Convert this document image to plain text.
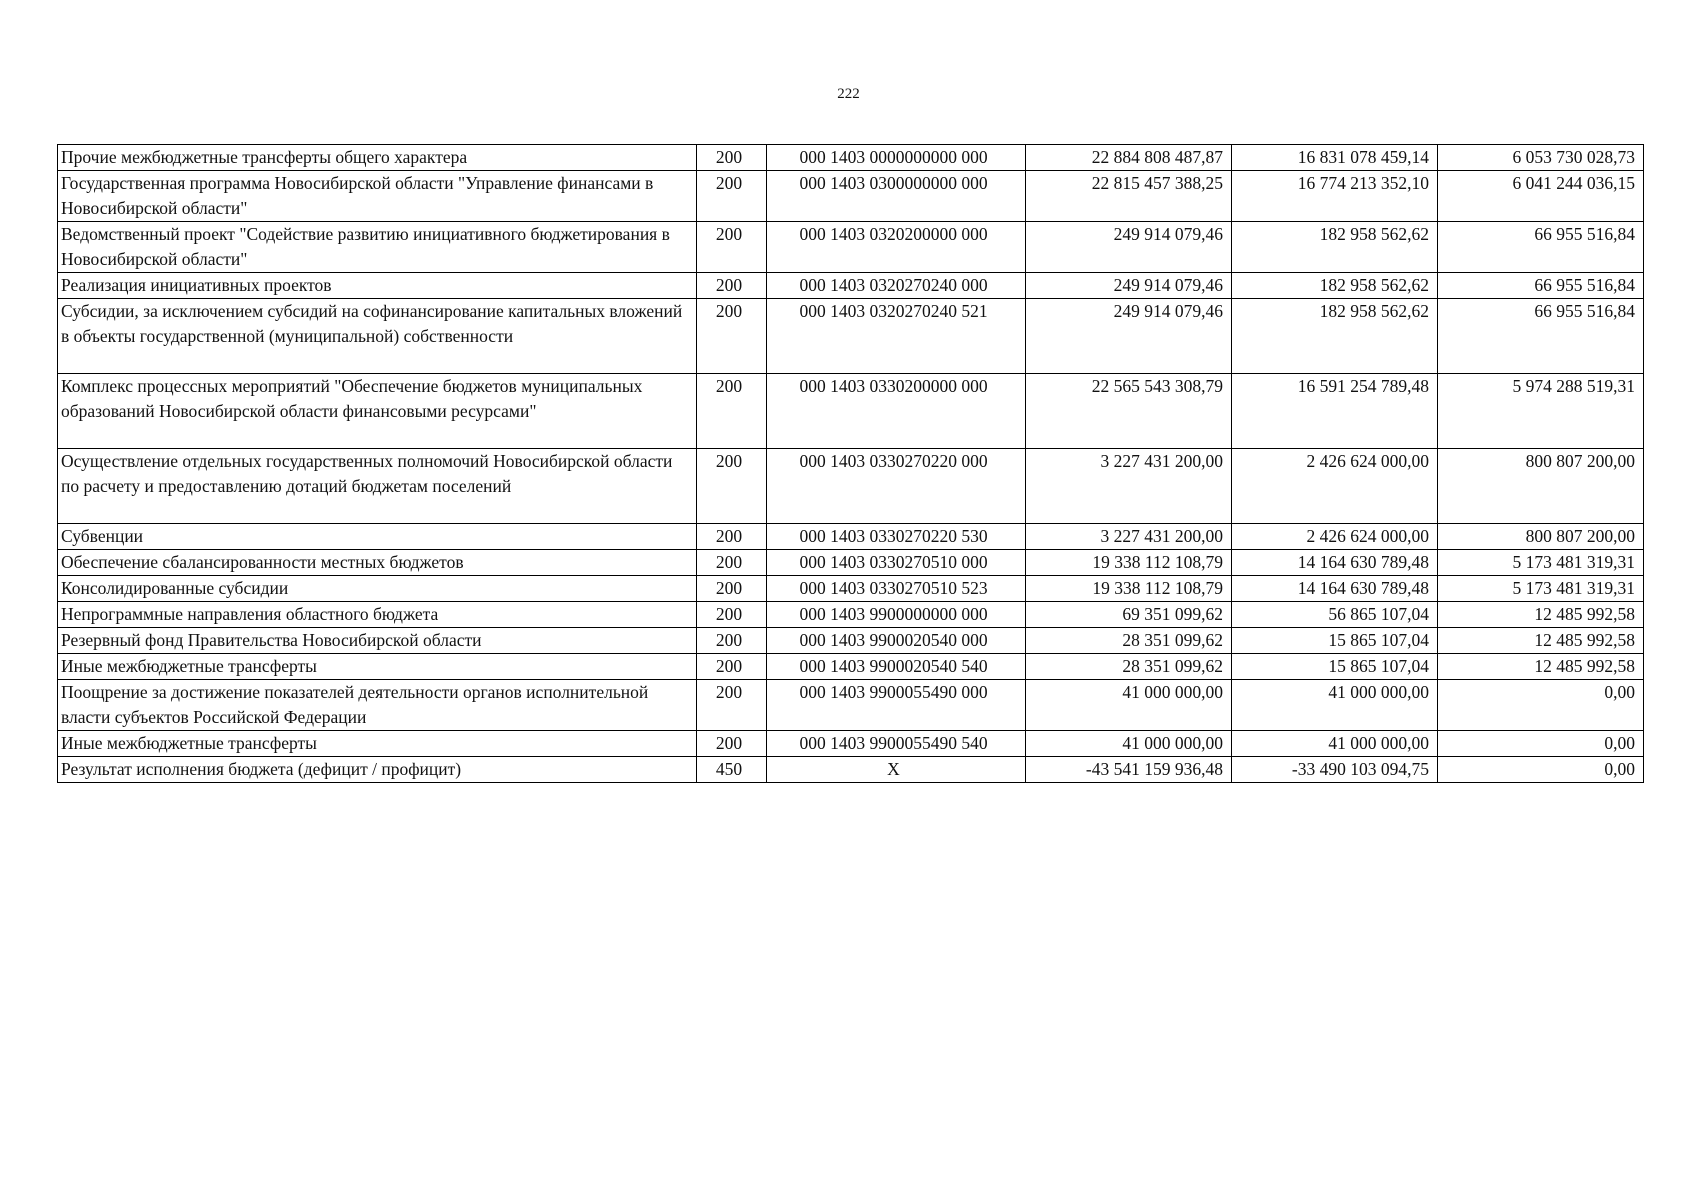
222
Прочие межбюджетные трансферты общего характера	200	000 1403 0000000000 000	22 884 808 487,87	16 831 078 459,14	6 053 730 028,73
Государственная программа Новосибирской области "Управление финансами в Новосибирской области"	200	000 1403 0300000000 000	22 815 457 388,25	16 774 213 352,10	6 041 244 036,15
Ведомственный проект "Содействие развитию инициативного бюджетирования в Новосибирской области"	200	000 1403 0320200000 000	249 914 079,46	182 958 562,62	66 955 516,84
Реализация инициативных проектов	200	000 1403 0320270240 000	249 914 079,46	182 958 562,62	66 955 516,84
Субсидии, за исключением субсидий на софинансирование капитальных вложений в объекты государственной (муниципальной) собственности	200	000 1403 0320270240 521	249 914 079,46	182 958 562,62	66 955 516,84
Комплекс процессных мероприятий "Обеспечение бюджетов муниципальных образований Новосибирской области финансовыми ресурсами"	200	000 1403 0330200000 000	22 565 543 308,79	16 591 254 789,48	5 974 288 519,31
Осуществление отдельных государственных полномочий Новосибирской области по расчету и предоставлению дотаций бюджетам поселений	200	000 1403 0330270220 000	3 227 431 200,00	2 426 624 000,00	800 807 200,00
Субвенции	200	000 1403 0330270220 530	3 227 431 200,00	2 426 624 000,00	800 807 200,00
Обеспечение сбалансированности местных бюджетов	200	000 1403 0330270510 000	19 338 112 108,79	14 164 630 789,48	5 173 481 319,31
Консолидированные субсидии	200	000 1403 0330270510 523	19 338 112 108,79	14 164 630 789,48	5 173 481 319,31
Непрограммные направления областного бюджета	200	000 1403 9900000000 000	69 351 099,62	56 865 107,04	12 485 992,58
Резервный фонд Правительства Новосибирской области	200	000 1403 9900020540 000	28 351 099,62	15 865 107,04	12 485 992,58
Иные межбюджетные трансферты	200	000 1403 9900020540 540	28 351 099,62	15 865 107,04	12 485 992,58
Поощрение за достижение показателей деятельности органов исполнительной власти субъектов Российской Федерации	200	000 1403 9900055490 000	41 000 000,00	41 000 000,00	0,00
Иные межбюджетные трансферты	200	000 1403 9900055490 540	41 000 000,00	41 000 000,00	0,00
Результат исполнения бюджета (дефицит / профицит)	450	X	-43 541 159 936,48	-33 490 103 094,75	0,00
